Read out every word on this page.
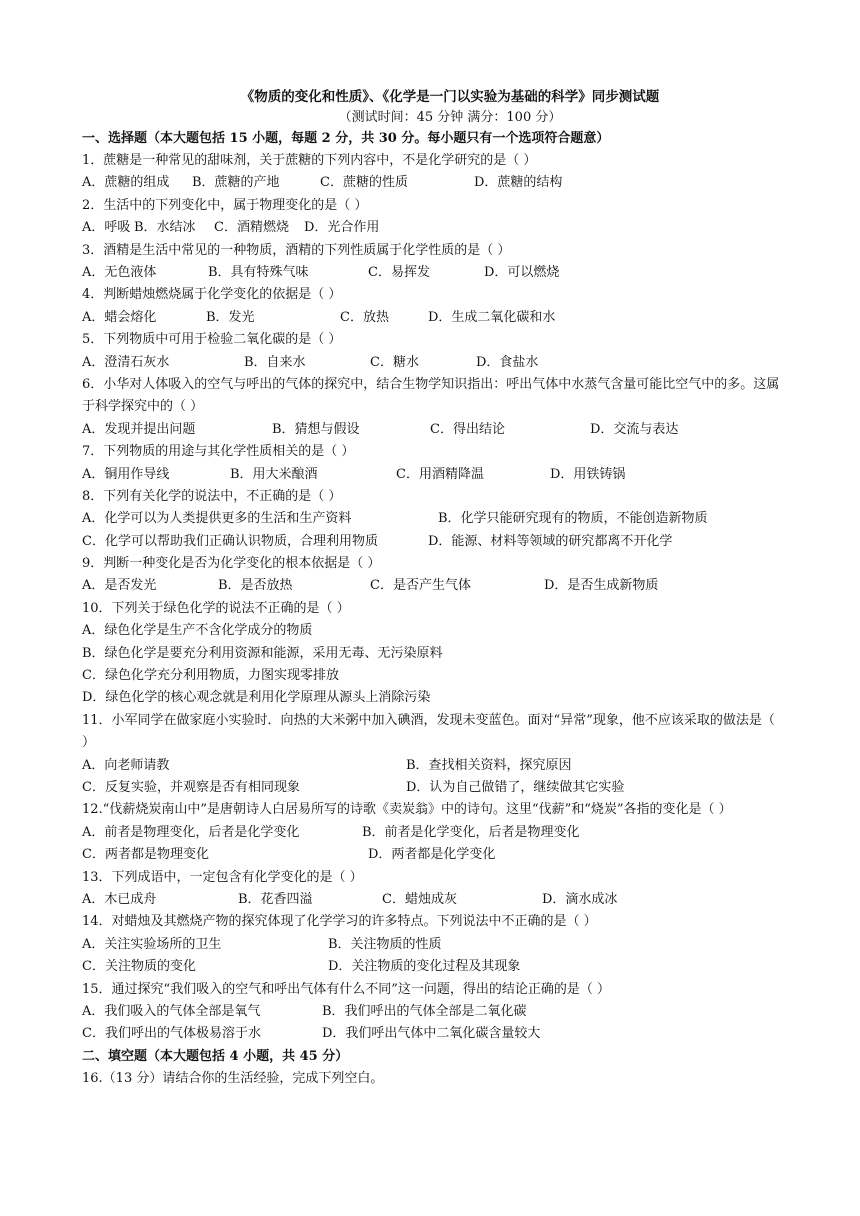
《物质的变化和性质》、《化学是一门以实验为基础的科学》同步测试题
（测试时间：45 分钟 满分：100 分）
一、选择题（本大题包括 15 小题，每题 2 分，共 30 分。每小题只有一个选项符合题意）
1．蔗糖是一种常见的甜味剂，关于蔗糖的下列内容中，不是化学研究的是（ ）
A．蔗糖的组成	B．蔗糖的产地	C．蔗糖的性质	D．蔗糖的结构
2．生活中的下列变化中，属于物理变化的是（ ）
A．呼吸 B．水结冰	C．酒精燃烧	D．光合作用
3．酒精是生活中常见的一种物质，酒精的下列性质属于化学性质的是（ ）
A．无色液体	B．具有特殊气味	C．易挥发	D．可以燃烧
4．判断蜡烛燃烧属于化学变化的依据是（ ）
A．蜡会熔化	B．发光	C．放热	D．生成二氧化碳和水
5．下列物质中可用于检验二氧化碳的是（ ）
A．澄清石灰水	B．自来水	C．糖水	D．食盐水
6．小华对人体吸入的空气与呼出的气体的探究中，结合生物学知识指出：呼出气体中水蒸气含量可能比空气中的多。这属于科学探究中的（ ）
A．发现并提出问题	B．猜想与假设	C．得出结论	D．交流与表达
7．下列物质的用途与其化学性质相关的是（ ）
A．铜用作导线	B．用大米酿酒	C．用酒精降温	D．用铁铸锅
8．下列有关化学的说法中，不正确的是（ ）
A．化学可以为人类提供更多的生活和生产资料	B．化学只能研究现有的物质，不能创造新物质
C．化学可以帮助我们正确认识物质，合理利用物质	D．能源、材料等领域的研究都离不开化学
9．判断一种变化是否为化学变化的根本依据是（ ）
A．是否发光	B．是否放热	C．是否产生气体	D．是否生成新物质
10．下列关于绿色化学的说法不正确的是（ ）
A．绿色化学是生产不含化学成分的物质
B．绿色化学是要充分利用资源和能源，采用无毒、无污染原料
C．绿色化学充分利用物质，力图实现零排放
D．绿色化学的核心观念就是利用化学原理从源头上消除污染
11．小军同学在做家庭小实验时．向热的大米粥中加入碘酒，发现未变蓝色。面对“异常”现象，他不应该采取的做法是（ ）
A．向老师请教	B．查找相关资料，探究原因
C．反复实验，并观察是否有相同现象	D．认为自己做错了，继续做其它实验
12.“伐薪烧炭南山中”是唐朝诗人白居易所写的诗歌《卖炭翁》中的诗句。这里“伐薪”和“烧炭”各指的变化是（ ）
A．前者是物理变化，后者是化学变化	B．前者是化学变化，后者是物理变化
C．两者都是物理变化	D．两者都是化学变化
13．下列成语中，一定包含有化学变化的是（ ）
A．木已成舟	B．花香四溢	C．蜡烛成灰	D．滴水成冰
14．对蜡烛及其燃烧产物的探究体现了化学学习的许多特点。下列说法中不正确的是（ ）
A．关注实验场所的卫生	B．关注物质的性质
C．关注物质的变化	D．关注物质的变化过程及其现象
15．通过探究“我们吸入的空气和呼出气体有什么不同”这一问题，得出的结论正确的是（ ）
A．我们吸入的气体全部是氧气	B．我们呼出的气体全部是二氧化碳
C．我们呼出的气体极易溶于水	D．我们呼出气体中二氧化碳含量较大
二、填空题（本大题包括 4 小题，共 45 分）
16.（13 分）请结合你的生活经验，完成下列空白。
